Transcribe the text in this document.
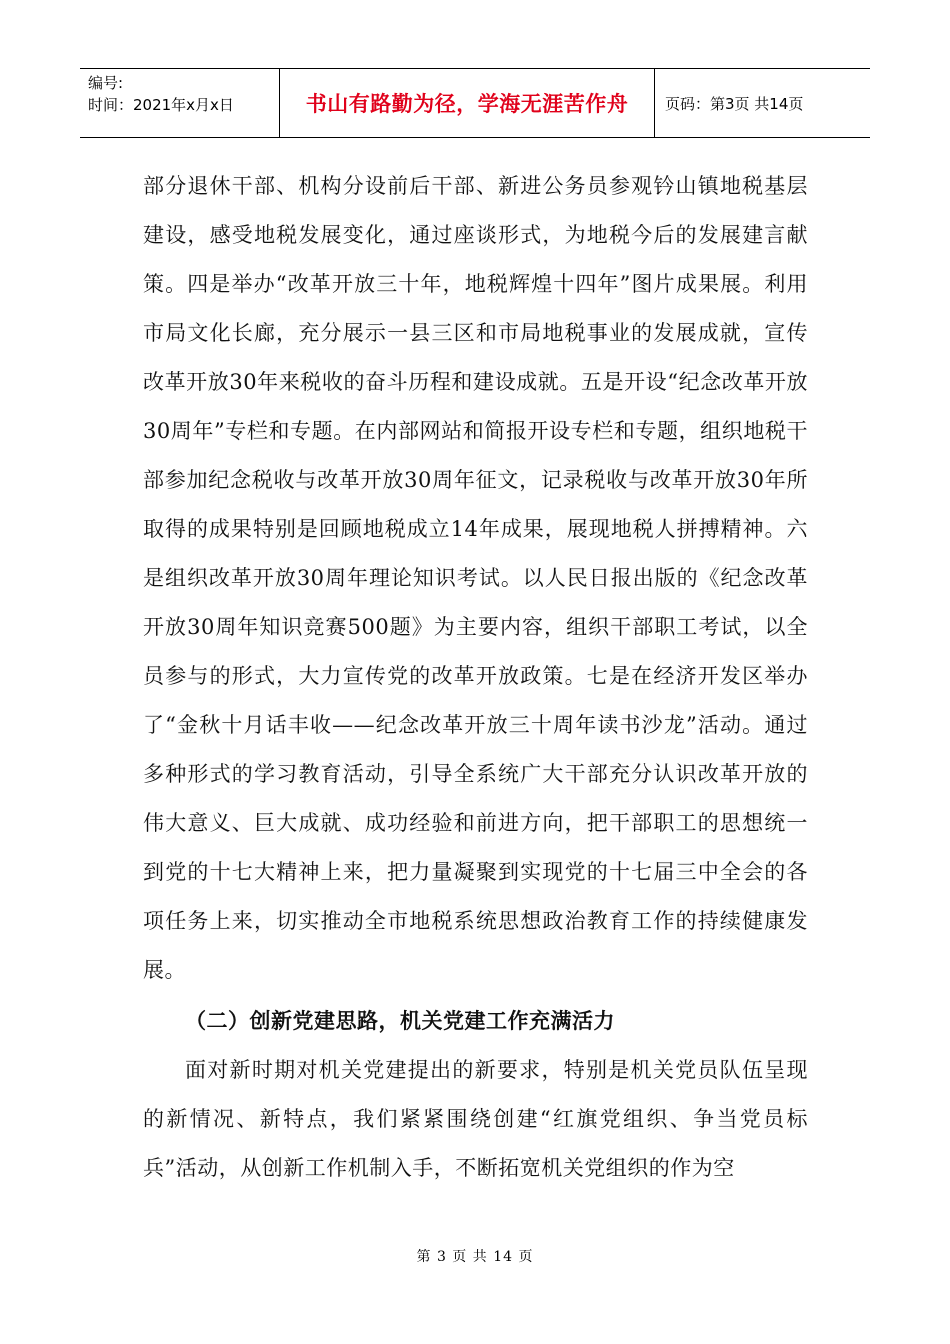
编号:
时间：2021年x月x日	书山有路勤为径，学海无涯苦作舟	页码：第3页 共14页

部分退休干部、机构分设前后干部、新进公务员参观钤山镇地税基层建设，感受地税发展变化，通过座谈形式，为地税今后的发展建言献策。四是举办“改革开放三十年，地税辉煌十四年”图片成果展。利用市局文化长廊，充分展示一县三区和市局地税事业的发展成就，宣传改革开放30年来税收的奋斗历程和建设成就。五是开设“纪念改革开放30周年”专栏和专题。在内部网站和简报开设专栏和专题，组织地税干部参加纪念税收与改革开放30周年征文，记录税收与改革开放30年所取得的成果特别是回顾地税成立14年成果，展现地税人拼搏精神。六是组织改革开放30周年理论知识考试。以人民日报出版的《纪念改革开放30周年知识竞赛500题》为主要内容，组织干部职工考试，以全员参与的形式，大力宣传党的改革开放政策。七是在经济开发区举办了“金秋十月话丰收——纪念改革开放三十周年读书沙龙”活动。通过多种形式的学习教育活动，引导全系统广大干部充分认识改革开放的伟大意义、巨大成就、成功经验和前进方向，把干部职工的思想统一到党的十七大精神上来，把力量凝聚到实现党的十七届三中全会的各项任务上来，切实推动全市地税系统思想政治教育工作的持续健康发展。

（二）创新党建思路，机关党建工作充满活力

面对新时期对机关党建提出的新要求，特别是机关党员队伍呈现的新情况、新特点，我们紧紧围绕创建“红旗党组织、争当党员标兵”活动，从创新工作机制入手，不断拓宽机关党组织的作为空

第 3 页 共 14 页
